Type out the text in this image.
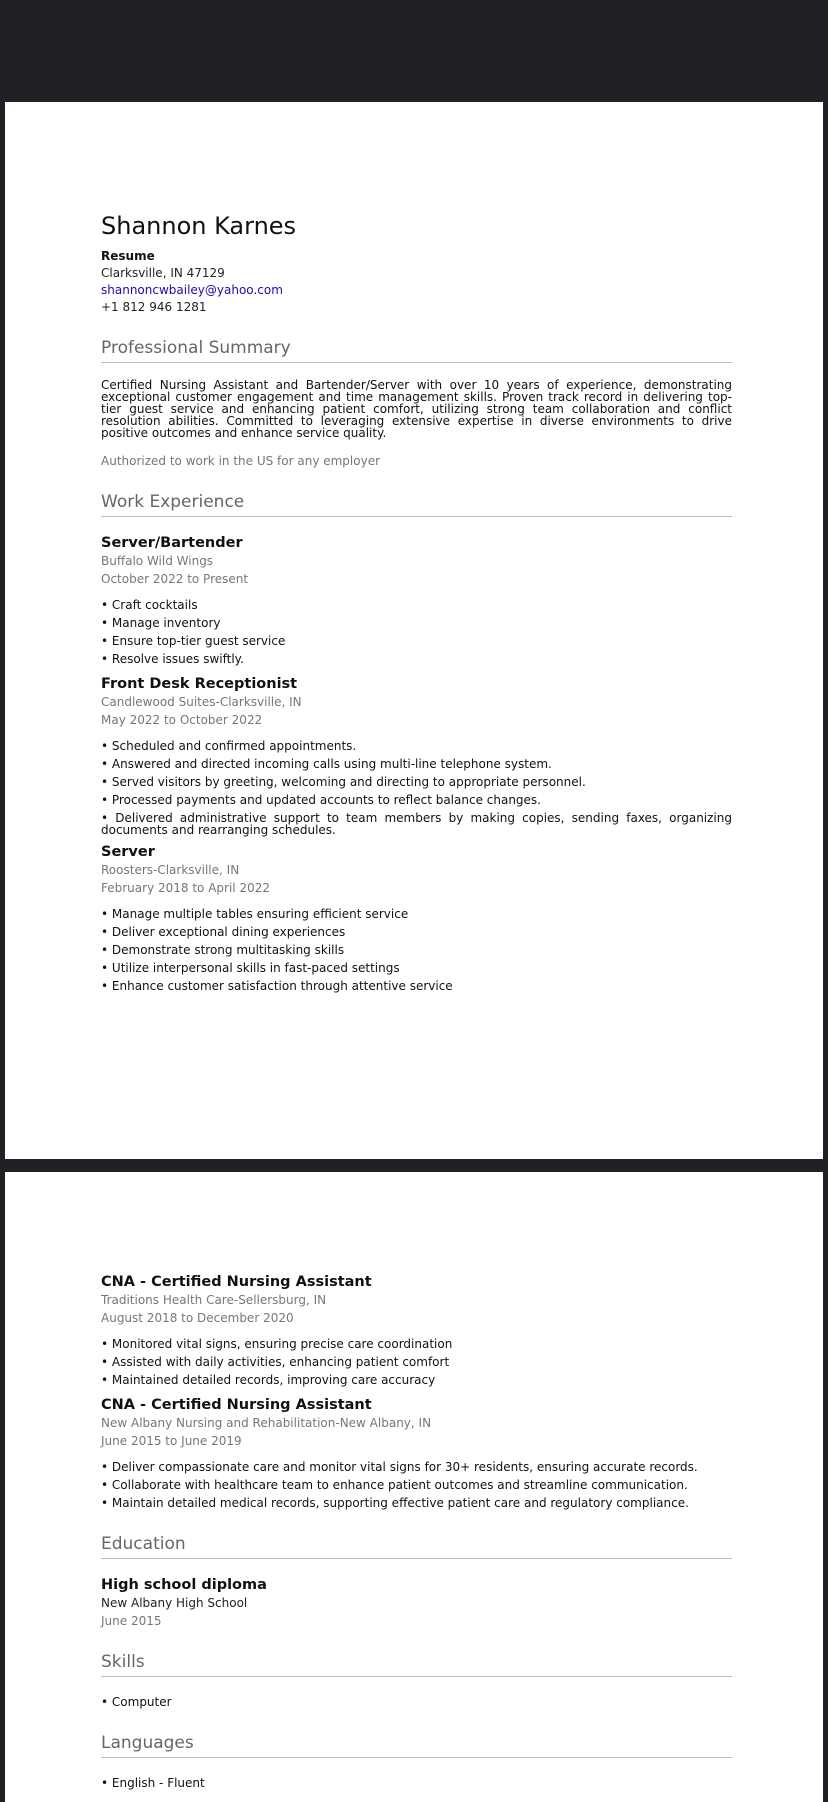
Shannon Karnes
Resume
Clarksville, IN 47129
shannoncwbailey@yahoo.com
+1 812 946 1281
Professional Summary

Certified Nursing Assistant and Bartender/Server with over 10 years of experience, demonstrating exceptional customer engagement and time management skills. Proven track record in delivering top-tier guest service and enhancing patient comfort, utilizing strong team collaboration and conflict resolution abilities. Committed to leveraging extensive expertise in diverse environments to drive positive outcomes and enhance service quality.

Authorized to work in the US for any employer
Work Experience
Server/Bartender
Buffalo Wild Wings
October 2022 to Present
• Craft cocktails
• Manage inventory
• Ensure top-tier guest service
• Resolve issues swiftly.
Front Desk Receptionist
Candlewood Suites-Clarksville, IN
May 2022 to October 2022
• Scheduled and confirmed appointments.
• Answered and directed incoming calls using multi-line telephone system.
• Served visitors by greeting, welcoming and directing to appropriate personnel.
• Processed payments and updated accounts to reflect balance changes.
• Delivered administrative support to team members by making copies, sending faxes, organizing documents and rearranging schedules.
Server
Roosters-Clarksville, IN
February 2018 to April 2022
• Manage multiple tables ensuring efficient service
• Deliver exceptional dining experiences
• Demonstrate strong multitasking skills
• Utilize interpersonal skills in fast-paced settings
• Enhance customer satisfaction through attentive service
CNA - Certified Nursing Assistant
Traditions Health Care-Sellersburg, IN
August 2018 to December 2020
• Monitored vital signs, ensuring precise care coordination
• Assisted with daily activities, enhancing patient comfort
• Maintained detailed records, improving care accuracy
CNA - Certified Nursing Assistant
New Albany Nursing and Rehabilitation-New Albany, IN
June 2015 to June 2019
• Deliver compassionate care and monitor vital signs for 30+ residents, ensuring accurate records.
• Collaborate with healthcare team to enhance patient outcomes and streamline communication.
• Maintain detailed medical records, supporting effective patient care and regulatory compliance.
Education
High school diploma
New Albany High School
June 2015
Skills
• Computer
Languages
• English - Fluent
